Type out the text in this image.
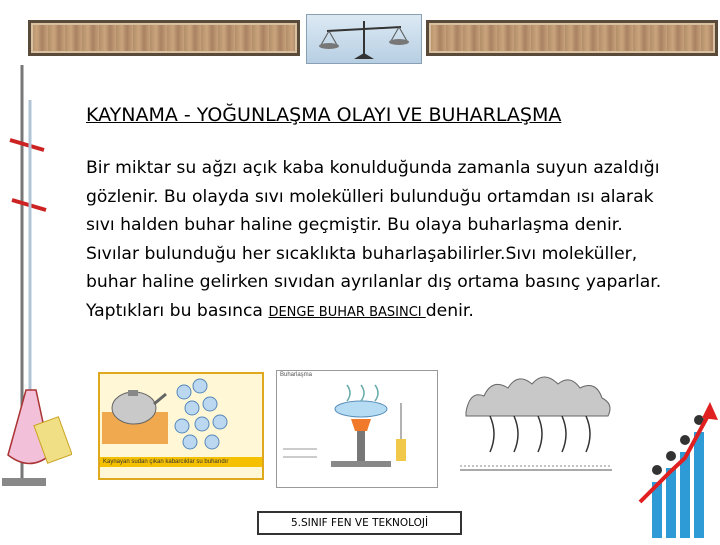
KAYNAMA - YOĞUNLAŞMA OLAYI VE BUHARLAŞMA
Bir miktar su ağzı açık kaba konulduğunda zamanla suyun azaldığı gözlenir. Bu olayda sıvı molekülleri bulunduğu ortamdan ısı alarak sıvı halden buhar haline geçmiştir. Bu olaya buharlaşma denir. Sıvılar bulunduğu her sıcaklıkta buharlaşabilirler.Sıvı moleküller, buhar haline gelirken sıvıdan ayrılanlar dış ortama basınç yaparlar. Yaptıkları bu basınca DENGE BUHAR BASINCI denir.
Kaynayan sudan çıkan kabarcıklar su buharıdır
Buharlaşma
5.SINIF FEN VE TEKNOLOJİ
